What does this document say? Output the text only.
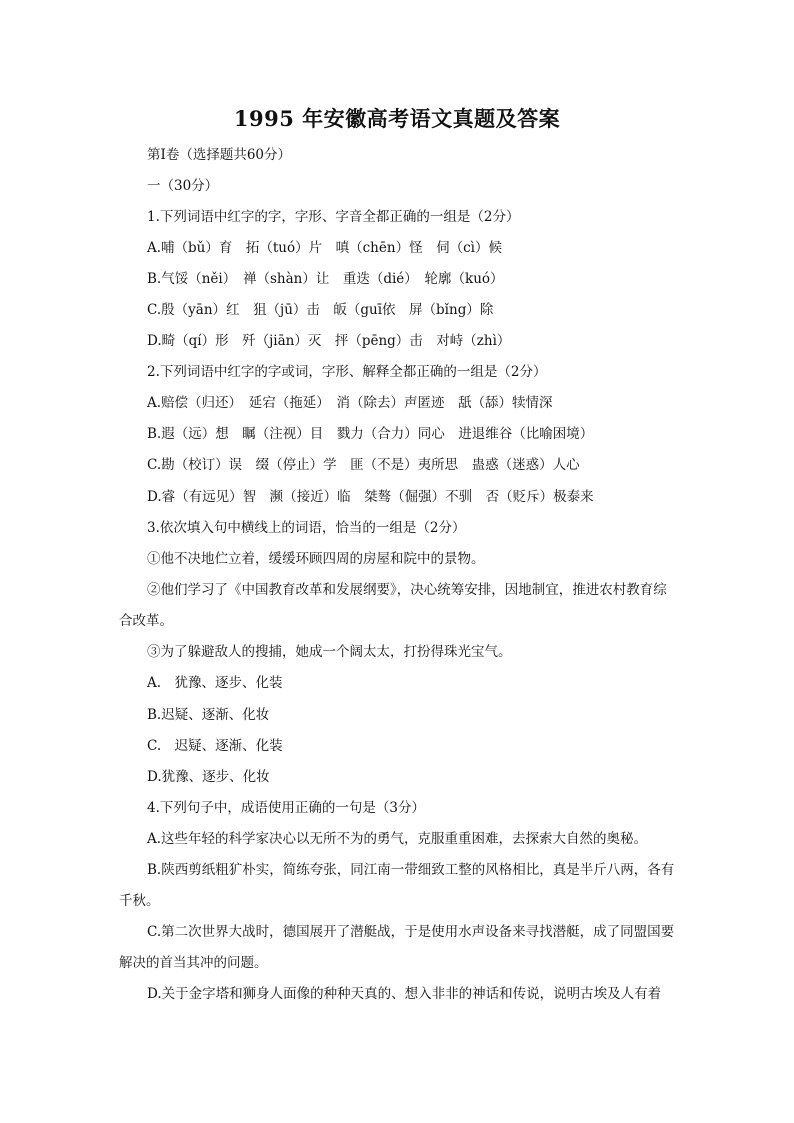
1995 年安徽高考语文真题及答案
第Ⅰ卷（选择题共60分）
一（30分）
1.下列词语中红字的字，字形、字音全都正确的一组是（2分）
A.哺（bǔ）育　拓（tuó）片　嗔（chēn）怪　伺（cì）候
B.气馁（něi）　禅（shàn）让　重迭（dié）　轮廓（kuó）
C.殷（yān）红　狙（jū）击　皈（guī依　屏（bǐng）除
D.畸（qí）形　歼（jiān）灭　抨（pēng）击　对峙（zhì）
2.下列词语中红字的字或词，字形、解释全都正确的一组是（2分）
A.赔偿（归还）　延宕（拖延）　消（除去）声匿迹　舐（舔）犊情深
B.遐（远）想　瞩（注视）目　戮力（合力）同心　进退维谷（比喻困境）
C.勘（校订）误　缀（停止）学　匪（不是）夷所思　蛊惑（迷惑）人心
D.睿（有远见）智　濒（接近）临　桀骜（倔强）不驯　否（贬斥）极泰来
3.依次填入句中横线上的词语，恰当的一组是（2分）
①他不决地伫立着，缓缓环顾四周的房屋和院中的景物。
②他们学习了《中国教育改革和发展纲要》，决心统筹安排，因地制宜，推进农村教育综合改革。
③为了躲避敌人的搜捕，她成一个阔太太，打扮得珠光宝气。
A.　犹豫、逐步、化装
B.迟疑、逐渐、化妆
C.　迟疑、逐渐、化装
D.犹豫、逐步、化妆
4.下列句子中，成语使用正确的一句是（3分）
A.这些年轻的科学家决心以无所不为的勇气，克服重重困难，去探索大自然的奥秘。
B.陕西剪纸粗犷朴实，简练夸张，同江南一带细致工整的风格相比，真是半斤八两，各有千秋。
C.第二次世界大战时，德国展开了潜艇战，于是使用水声设备来寻找潜艇，成了同盟国要解决的首当其冲的问题。
D.关于金字塔和狮身人面像的种种天真的、想入非非的神话和传说，说明古埃及人有着
